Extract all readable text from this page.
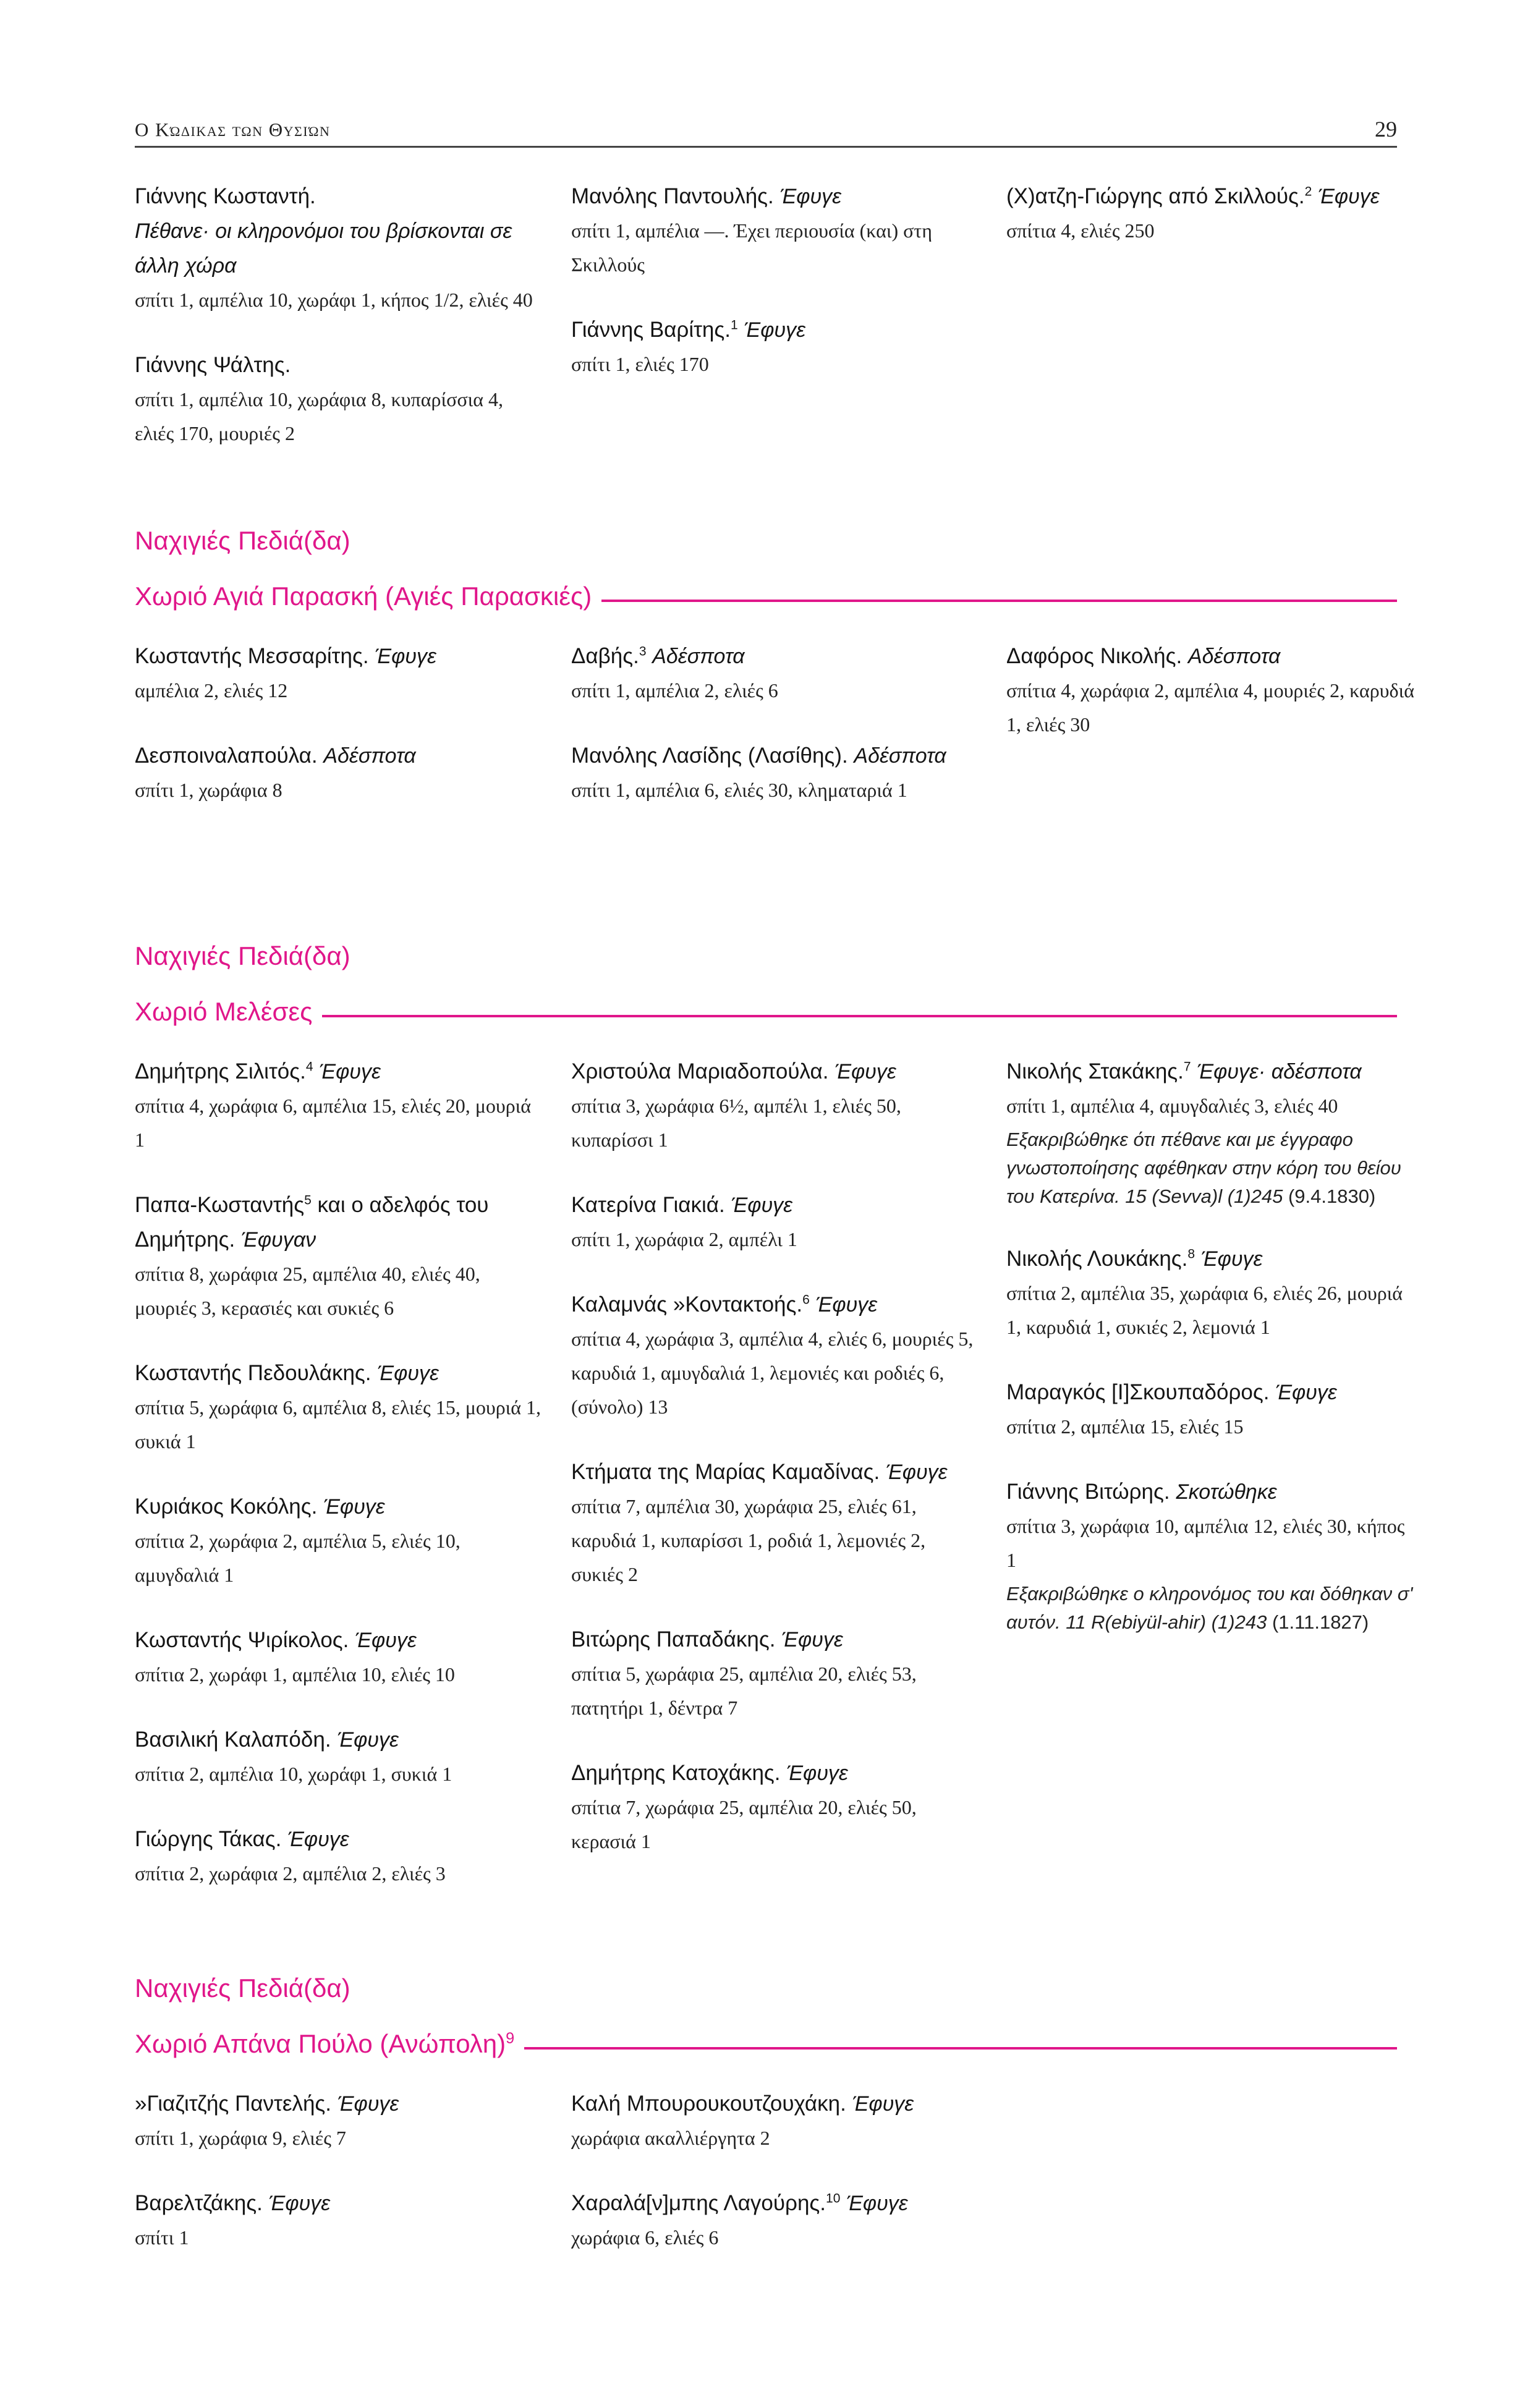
Ο Κώδικας των Θυσιών	29
Γιάννης Κωσταντή.
Πέθανε· οι κληρονόμοι του βρίσκονται σε άλλη χώρα
σπίτι 1, αμπέλια 10, χωράφι 1, κήπος 1/2, ελιές 40
Γιάννης Ψάλτης.
σπίτι 1, αμπέλια 10, χωράφια 8, κυπαρίσσια 4, ελιές 170, μουριές 2
Μανόλης Παντουλής. Έφυγε
σπίτι 1, αμπέλια —. Έχει περιουσία (και) στη Σκιλλούς
Γιάννης Βαρίτης.$^1$ Έφυγε
σπίτι 1, ελιές 170
(Χ)ατζη-Γιώργης από Σκιλλούς.$^2$ Έφυγε
σπίτια 4, ελιές 250
Ναχιγιές Πεδιά(δα)
Χωριό Αγιά Παρασκή (Αγιές Παρασκιές)
Κωσταντής Μεσσαρίτης. Έφυγε
αμπέλια 2, ελιές 12
Δεσποιναλαπούλα. Αδέσποτα
σπίτι 1, χωράφια 8
Δαβής.$^3$ Αδέσποτα
σπίτι 1, αμπέλια 2, ελιές 6
Μανόλης Λασίδης (Λασίθης). Αδέσποτα
σπίτι 1, αμπέλια 6, ελιές 30, κληματαριά 1
Δαφόρος Νικολής. Αδέσποτα
σπίτια 4, χωράφια 2, αμπέλια 4, μουριές 2, καρυδιά 1, ελιές 30
Ναχιγιές Πεδιά(δα)
Χωριό Μελέσες
Δημήτρης Σιλιτός.$^4$ Έφυγε
σπίτια 4, χωράφια 6, αμπέλια 15, ελιές 20, μουριά 1
Παπα-Κωσταντής$^5$ και ο αδελφός του Δημήτρης. Έφυγαν
σπίτια 8, χωράφια 25, αμπέλια 40, ελιές 40, μουριές 3, κερασιές και συκιές 6
Κωσταντής Πεδουλάκης. Έφυγε
σπίτια 5, χωράφια 6, αμπέλια 8, ελιές 15, μουριά 1, συκιά 1
Κυριάκος Κοκόλης. Έφυγε
σπίτια 2, χωράφια 2, αμπέλια 5, ελιές 10, αμυγδαλιά 1
Κωσταντής Ψιρίκολος. Έφυγε
σπίτια 2, χωράφι 1, αμπέλια 10, ελιές 10
Βασιλική Καλαπόδη. Έφυγε
σπίτια 2, αμπέλια 10, χωράφι 1, συκιά 1
Γιώργης Τάκας. Έφυγε
σπίτια 2, χωράφια 2, αμπέλια 2, ελιές 3
Χριστούλα Μαριαδοπούλα. Έφυγε
σπίτια 3, χωράφια 6½, αμπέλι 1, ελιές 50, κυπαρίσσι 1
Κατερίνα Γιακιά. Έφυγε
σπίτι 1, χωράφια 2, αμπέλι 1
Καλαμνάς »Κοντακτοής.$^6$ Έφυγε
σπίτια 4, χωράφια 3, αμπέλια 4, ελιές 6, μουριές 5, καρυδιά 1, αμυγδαλιά 1, λεμονιές και ροδιές 6, (σύνολο) 13
Κτήματα της Μαρίας Καμαδίνας. Έφυγε
σπίτια 7, αμπέλια 30, χωράφια 25, ελιές 61, καρυδιά 1, κυπαρίσσι 1, ροδιά 1, λεμονιές 2, συκιές 2
Βιτώρης Παπαδάκης. Έφυγε
σπίτια 5, χωράφια 25, αμπέλια 20, ελιές 53, πατητήρι 1, δέντρα 7
Δημήτρης Κατοχάκης. Έφυγε
σπίτια 7, χωράφια 25, αμπέλια 20, ελιές 50, κερασιά 1
Νικολής Στακάκης.$^7$ Έφυγε· αδέσποτα
σπίτι 1, αμπέλια 4, αμυγδαλιές 3, ελιές 40
Εξακριβώθηκε ότι πέθανε και με έγγραφο γνωστοποίησης αφέθηκαν στην κόρη του θείου του Κατερίνα. 15 (Sevva)l (1)245 (9.4.1830)
Νικολής Λουκάκης.$^8$ Έφυγε
σπίτια 2, αμπέλια 35, χωράφια 6, ελιές 26, μουριά 1, καρυδιά 1, συκιές 2, λεμονιά 1
Μαραγκός [Ι]Σκουπαδόρος. Έφυγε
σπίτια 2, αμπέλια 15, ελιές 15
Γιάννης Βιτώρης. Σκοτώθηκε
σπίτια 3, χωράφια 10, αμπέλια 12, ελιές 30, κήπος 1
Εξακριβώθηκε ο κληρονόμος του και δόθηκαν σ' αυτόν. 11 R(ebiyül-ahir) (1)243 (1.11.1827)
Ναχιγιές Πεδιά(δα)
Χωριό Απάνα Πούλο $(A\nu ώ\pi o\lambda\eta)^9$
»Γιαζιτζής Παντελής. Έφυγε
σπίτι 1, χωράφια 9, ελιές 7
Βαρελτζάκης. Έφυγε
σπίτι 1
Καλή Μπουρουκουτζουχάκη. Έφυγε
χωράφια ακαλλιέργητα 2
Χαραλά[ν]μπης Λαγούρης.$^{10}$ Έφυγε
χωράφια 6, ελιές 6
